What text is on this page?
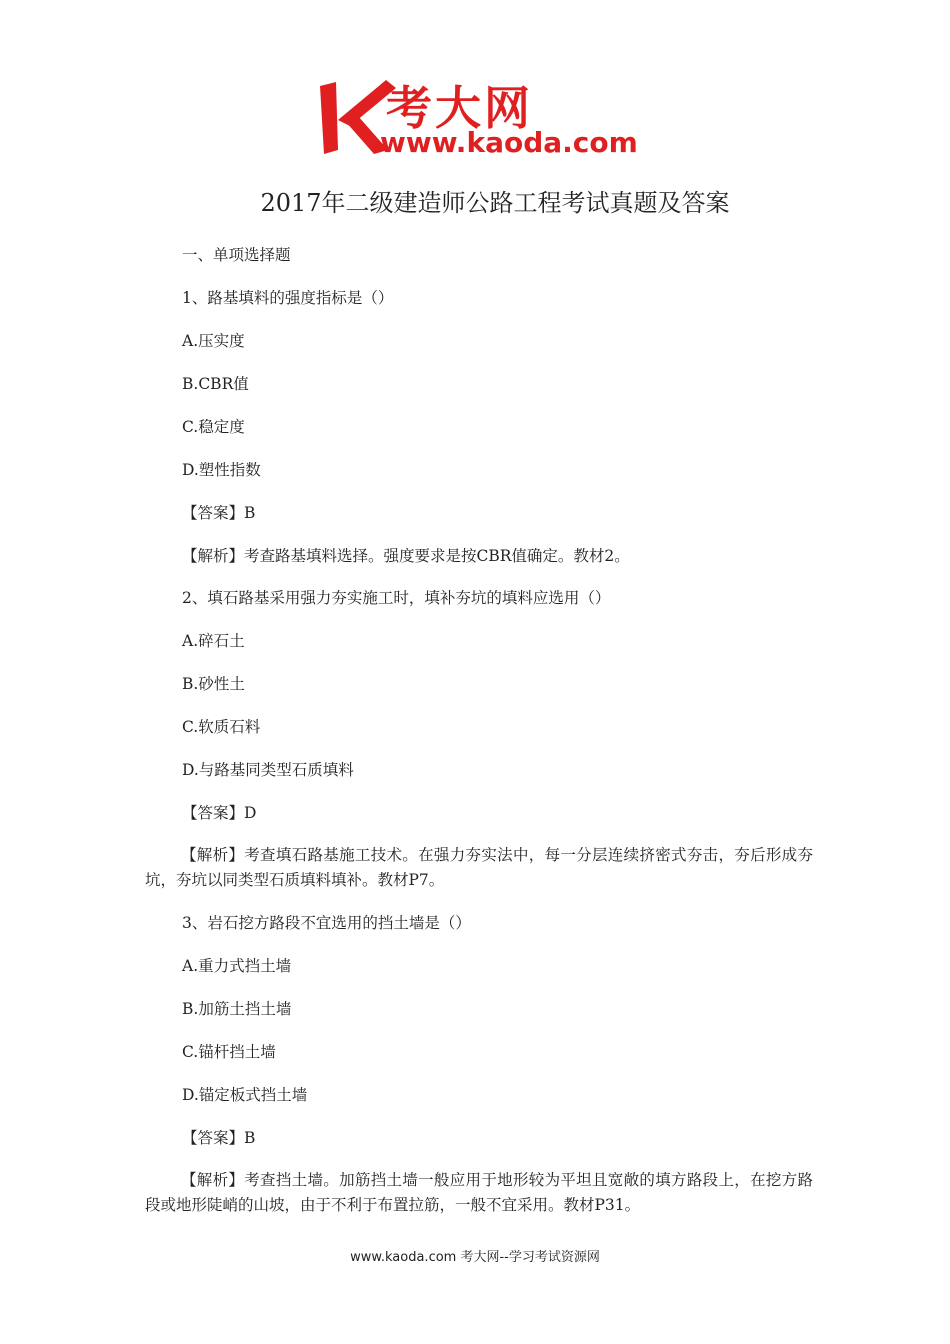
考大网
www.kaoda.com
2017年二级建造师公路工程考试真题及答案
一、单项选择题
1、路基填料的强度指标是（）
A.压实度
B.CBR值
C.稳定度
D.塑性指数
【答案】B
【解析】考查路基填料选择。强度要求是按CBR值确定。教材2。
2、填石路基采用强力夯实施工时，填补夯坑的填料应选用（）
A.碎石土
B.砂性土
C.软质石料
D.与路基同类型石质填料
【答案】D
【解析】考查填石路基施工技术。在强力夯实法中，每一分层连续挤密式夯击，夯后形成夯坑，夯坑以同类型石质填料填补。教材P7。
3、岩石挖方路段不宜选用的挡土墙是（）
A.重力式挡土墙
B.加筋土挡土墙
C.锚杆挡土墙
D.锚定板式挡土墙
【答案】B
【解析】考查挡土墙。加筋挡土墙一般应用于地形较为平坦且宽敞的填方路段上，在挖方路段或地形陡峭的山坡，由于不利于布置拉筋，一般不宜采用。教材P31。
www.kaoda.com 考大网--学习考试资源网
